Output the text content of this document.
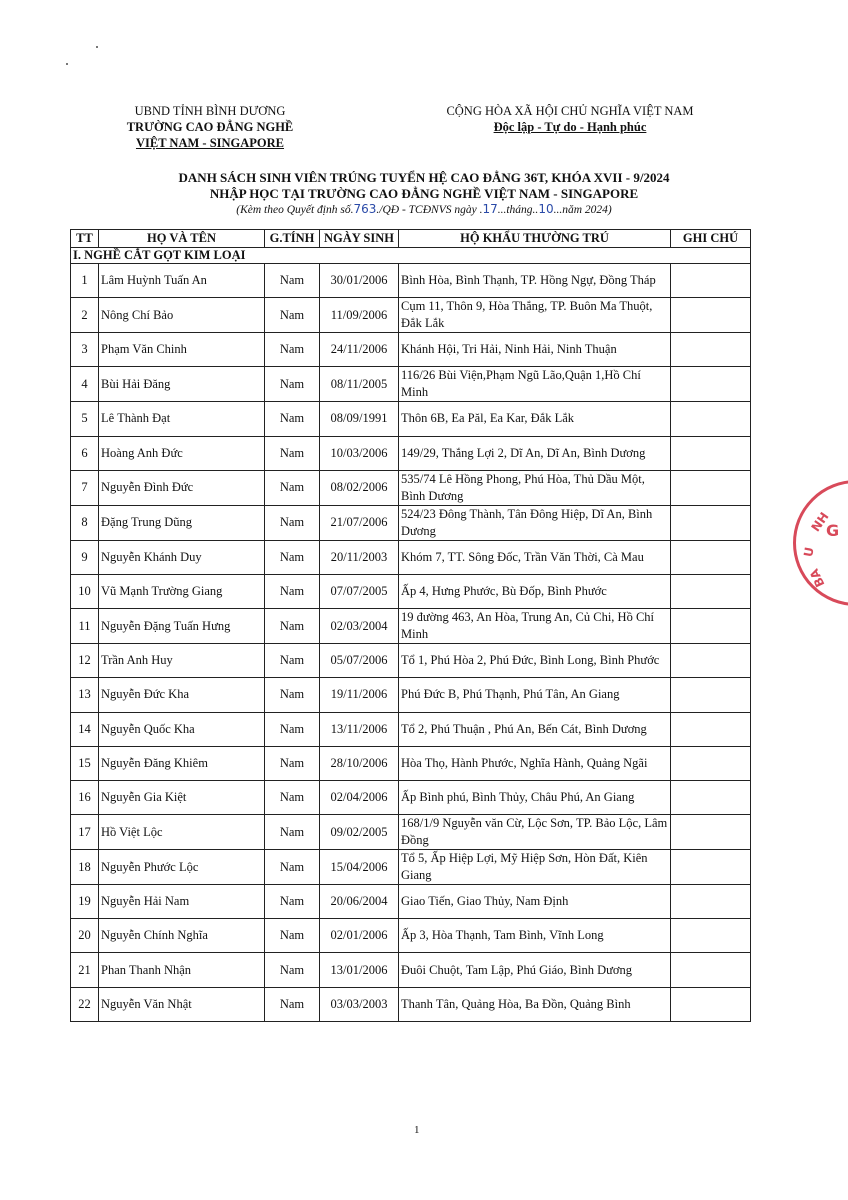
UBND TỈNH BÌNH DƯƠNG
TRƯỜNG CAO ĐẲNG NGHỀ
VIỆT NAM - SINGAPORE
CỘNG HÒA XÃ HỘI CHỦ NGHĨA VIỆT NAM
Độc lập - Tự do - Hạnh phúc
DANH SÁCH SINH VIÊN TRÚNG TUYỂN HỆ CAO ĐẲNG 36T, KHÓA XVII - 9/2024
NHẬP HỌC TẠI TRƯỜNG CAO ĐẲNG NGHỀ VIỆT NAM - SINGAPORE
(Kèm theo Quyết định số.763./QĐ - TCĐNVS ngày .17...tháng..10...năm 2024)
TT	HỌ VÀ TÊN	G.TÍNH	NGÀY SINH	HỘ KHẨU THƯỜNG TRÚ	GHI CHÚ
I. NGHỀ CẮT GỌT KIM LOẠI					
1	Lâm Huỳnh Tuấn An	Nam	30/01/2006	Bình Hòa, Bình Thạnh, TP. Hồng Ngự, Đồng Tháp	
2	Nông Chí Bảo	Nam	11/09/2006	Cụm 11, Thôn 9, Hòa Thắng, TP. Buôn Ma Thuột, Đắk Lắk	
3	Phạm Văn Chinh	Nam	24/11/2006	Khánh Hội, Tri Hải, Ninh Hải, Ninh Thuận	
4	Bùi Hải Đăng	Nam	08/11/2005	116/26 Bùi Viện,Phạm Ngũ Lão,Quận 1,Hồ Chí Minh	
5	Lê Thành Đạt	Nam	08/09/1991	Thôn 6B, Ea Păl, Ea Kar, Đắk Lắk	
6	Hoàng Anh Đức	Nam	10/03/2006	149/29, Thắng Lợi 2, Dĩ An, Dĩ An, Bình Dương	
7	Nguyễn Đình Đức	Nam	08/02/2006	535/74 Lê Hồng Phong, Phú Hòa, Thủ Dầu Một, Bình Dương	
8	Đặng Trung Dũng	Nam	21/07/2006	524/23 Đông Thành, Tân Đông Hiệp, Dĩ An, Bình Dương	
9	Nguyễn Khánh Duy	Nam	20/11/2003	Khóm 7, TT. Sông Đốc, Trần Văn Thời, Cà Mau	
10	Vũ Mạnh Trường Giang	Nam	07/07/2005	Ấp 4, Hưng Phước, Bù Đốp, Bình Phước	
11	Nguyễn Đặng Tuấn Hưng	Nam	02/03/2004	19 đường 463, An Hòa, Trung An, Củ Chi, Hồ Chí Minh	
12	Trần Anh Huy	Nam	05/07/2006	Tổ 1, Phú Hòa 2, Phú Đức, Bình Long, Bình Phước	
13	Nguyễn Đức Kha	Nam	19/11/2006	Phú Đức B, Phú Thạnh, Phú Tân, An Giang	
14	Nguyễn Quốc Kha	Nam	13/11/2006	Tổ 2, Phú Thuận , Phú An, Bến Cát, Bình Dương	
15	Nguyễn Đăng Khiêm	Nam	28/10/2006	Hòa Thọ, Hành Phước, Nghĩa Hành, Quảng Ngãi	
16	Nguyễn Gia Kiệt	Nam	02/04/2006	Ấp Bình phú, Bình Thủy, Châu Phú, An Giang	
17	Hồ Việt Lộc	Nam	09/02/2005	168/1/9 Nguyễn văn Cừ, Lộc Sơn, TP. Bảo Lộc, Lâm Đồng	
18	Nguyễn Phước Lộc	Nam	15/04/2006	Tổ 5, Ấp Hiệp Lợi, Mỹ Hiệp Sơn, Hòn Đất, Kiên Giang	
19	Nguyễn Hải Nam	Nam	20/06/2004	Giao Tiến, Giao Thủy, Nam Định	
20	Nguyễn Chính Nghĩa	Nam	02/01/2006	Ấp 3, Hòa Thạnh, Tam Bình, Vĩnh Long	
21	Phan Thanh Nhận	Nam	13/01/2006	Đuôi Chuột, Tam Lập, Phú Giáo, Bình Dương	
22	Nguyễn Văn Nhật	Nam	03/03/2003	Thanh Tân, Quảng Hòa, Ba Đồn, Quảng Bình	
1
NH
U
BA
G
